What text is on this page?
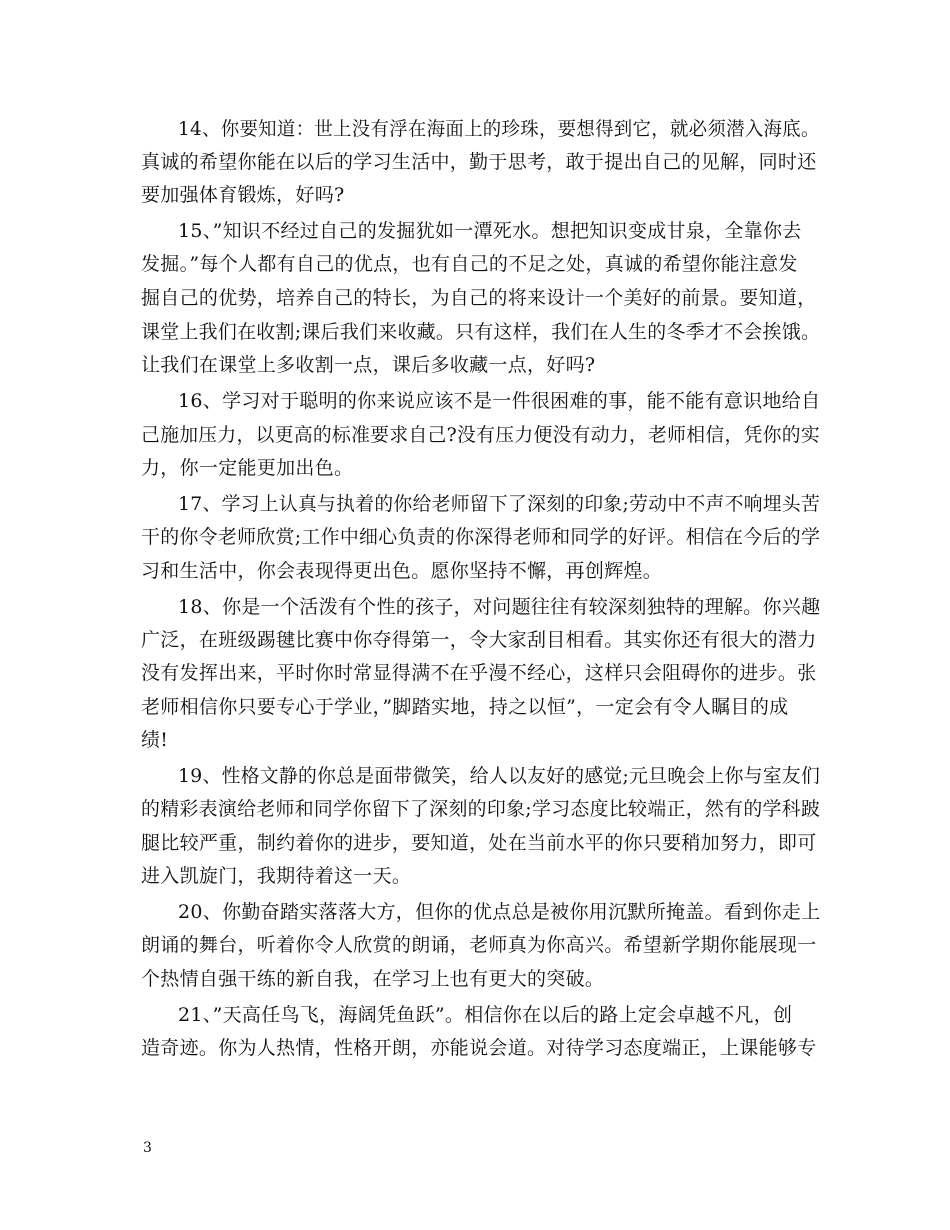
14、你要知道：世上没有浮在海面上的珍珠，要想得到它，就必须潜入海底。
真诚的希望你能在以后的学习生活中，勤于思考，敢于提出自己的见解，同时还
要加强体育锻炼，好吗?
15、”知识不经过自己的发掘犹如一潭死水。想把知识变成甘泉，全靠你去
发掘。”每个人都有自己的优点，也有自己的不足之处，真诚的希望你能注意发
掘自己的优势，培养自己的特长，为自己的将来设计一个美好的前景。要知道，
课堂上我们在收割;课后我们来收藏。只有这样，我们在人生的冬季才不会挨饿。
让我们在课堂上多收割一点，课后多收藏一点，好吗?
16、学习对于聪明的你来说应该不是一件很困难的事，能不能有意识地给自
己施加压力，以更高的标准要求自己?没有压力便没有动力，老师相信，凭你的实
力，你一定能更加出色。
17、学习上认真与执着的你给老师留下了深刻的印象;劳动中不声不响埋头苦
干的你令老师欣赏;工作中细心负责的你深得老师和同学的好评。相信在今后的学
习和生活中，你会表现得更出色。愿你坚持不懈，再创辉煌。
18、你是一个活泼有个性的孩子，对问题往往有较深刻独特的理解。你兴趣
广泛，在班级踢毽比赛中你夺得第一，令大家刮目相看。其实你还有很大的潜力
没有发挥出来，平时你时常显得满不在乎漫不经心，这样只会阻碍你的进步。张
老师相信你只要专心于学业，”脚踏实地，持之以恒”，一定会有令人瞩目的成
绩!
19、性格文静的你总是面带微笑，给人以友好的感觉;元旦晚会上你与室友们
的精彩表演给老师和同学你留下了深刻的印象;学习态度比较端正，然有的学科跛
腿比较严重，制约着你的进步，要知道，处在当前水平的你只要稍加努力，即可
进入凯旋门，我期待着这一天。
20、你勤奋踏实落落大方，但你的优点总是被你用沉默所掩盖。看到你走上
朗诵的舞台，听着你令人欣赏的朗诵，老师真为你高兴。希望新学期你能展现一
个热情自强干练的新自我，在学习上也有更大的突破。
21、”天高任鸟飞，海阔凭鱼跃”。相信你在以后的路上定会卓越不凡，创
造奇迹。你为人热情，性格开朗，亦能说会道。对待学习态度端正，上课能够专
3
